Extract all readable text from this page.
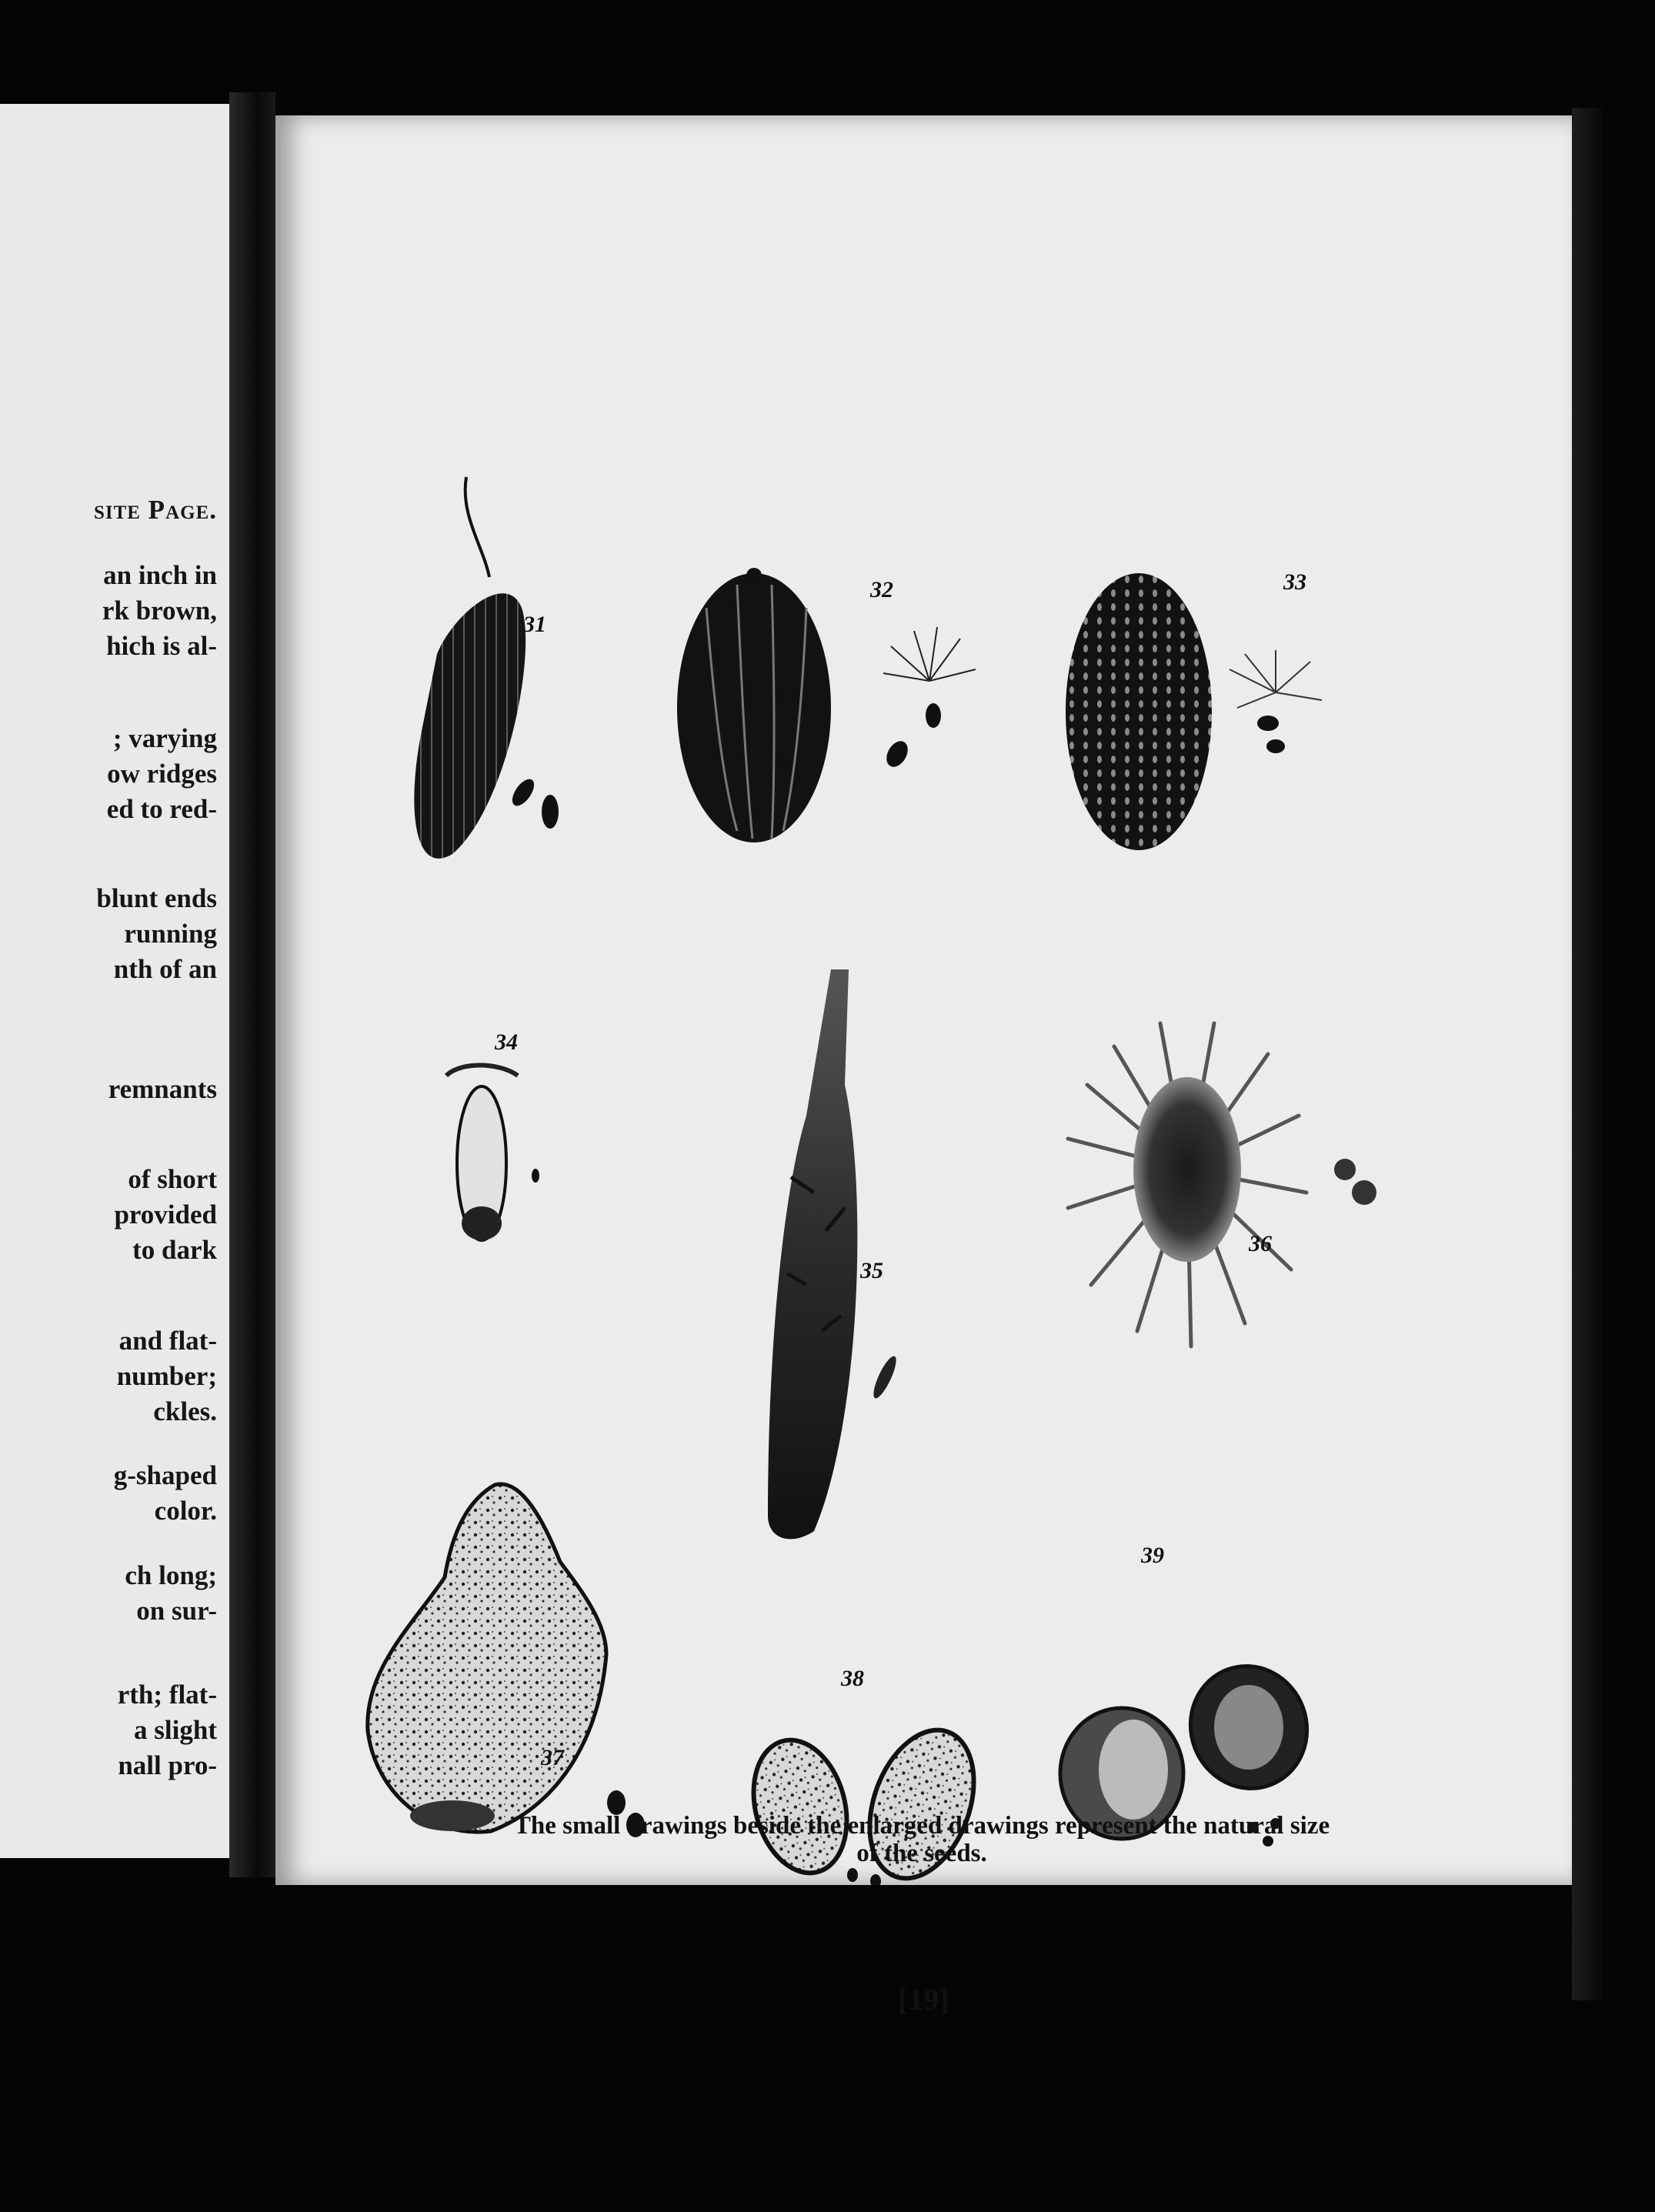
site Page.
an inch in
rk brown,
hich is al-
; varying
ow ridges
ed to red-
blunt ends
running
nth of an
remnants
of short
provided
to dark
and flat-
number;
ckles.
g-shaped
color.
ch long;
on sur-
rth; flat-
a slight
nall pro-
31
32	33
34
35
36
37
38
39
The small drawings beside the enlarged drawings represent the natural size
of the seeds.
[19]
